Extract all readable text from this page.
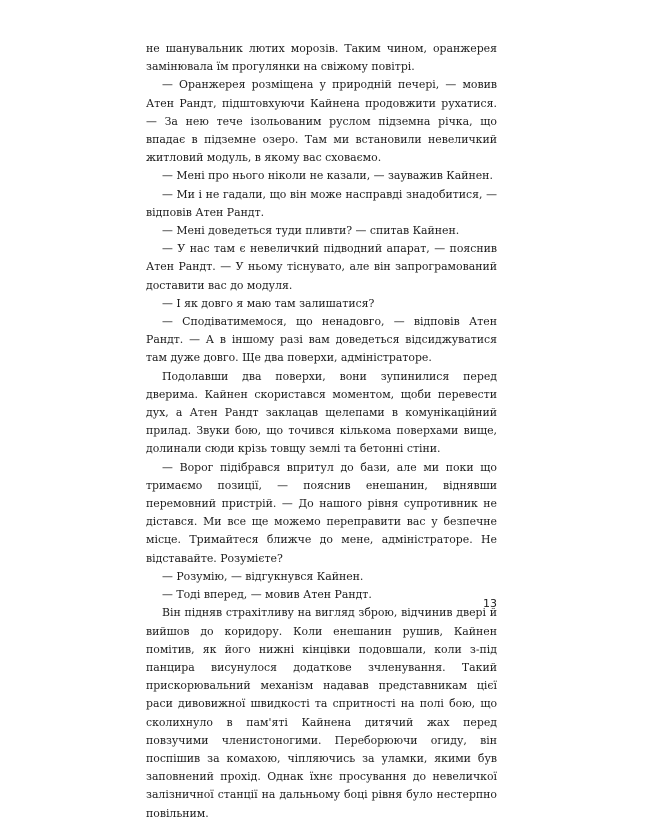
не шанувальник лютих морозів. Таким чином, оранжерея замінювала їм прогулянки на свіжому повітрі.

— Оранжерея розміщена у природній печері, — мовив Атен Рандт, підштовхуючи Кайнена продовжити рухатися. — За нею тече ізольованим руслом підземна річка, що впадає в підземне озеро. Там ми встановили невеличкий житловий модуль, в якому вас сховаємо.

— Мені про нього ніколи не казали, — зауважив Кайнен.

— Ми і не гадали, що він може насправді знадобитися, — відповів Атен Рандт.

— Мені доведеться туди пливти? — спитав Кайнен.

— У нас там є невеличкий підводний апарат, — пояснив Атен Рандт. — У ньому тіснувато, але він запрограмований доставити вас до модуля.

— І як довго я маю там залишатися?

— Сподіватимемося, що ненадовго, — відповів Атен Рандт. — А в іншому разі вам доведеться відсиджуватися там дуже довго. Ще два поверхи, адміністраторе.

Подолавши два поверхи, вони зупинилися перед дверима. Кайнен скористався моментом, щоби перевести дух, а Атен Рандт заклацав щелепами в комунікаційний прилад. Звуки бою, що точився кількома поверхами вище, долинали сюди крізь товщу землі та бетонні стіни.

— Ворог підібрався впритул до бази, але ми поки що тримаємо позиції, — пояснив енешанин, віднявши перемовний пристрій. — До нашого рівня супротивник не дістався. Ми все ще можемо переправити вас у безпечне місце. Тримайтеся ближче до мене, адміністраторе. Не відставайте. Розумієте?

— Розумію, — відгукнувся Кайнен.

— Тоді вперед, — мовив Атен Рандт.

Він підняв страхітливу на вигляд зброю, відчинив двері й вийшов до коридору. Коли енешанин рушив, Кайнен помітив, як його нижні кінцівки подовшали, коли з-під панцира висунулося додаткове зчленування. Такий прискорювальний механізм надавав представникам цієї раси дивовижної швидкості та спритності на полі бою, що сколихнуло в пам'яті Кайнена дитячий жах перед повзучими членистоногими. Переборюючи огиду, він поспішив за комахою, чіпляючись за уламки, якими був заповнений прохід. Однак їхнє просування до невеличкої залізничної станції на дальньому боці рівня було нестерпно повільним.

13
